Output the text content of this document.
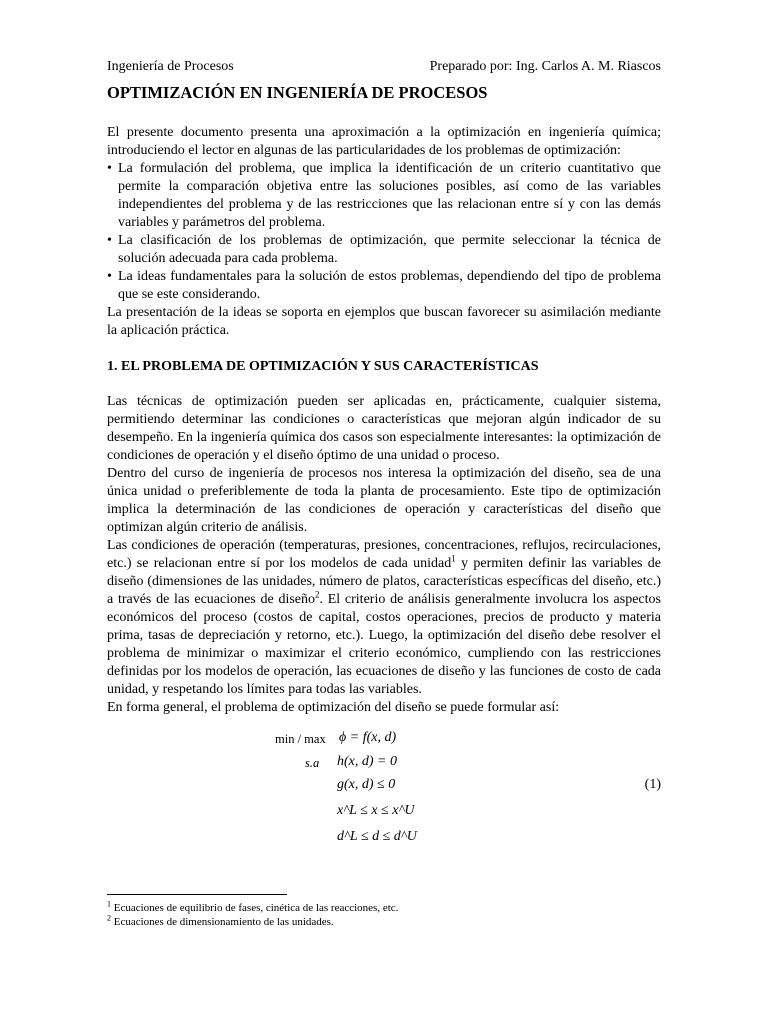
Ingeniería de Procesos	Preparado por: Ing. Carlos A. M. Riascos
OPTIMIZACIÓN EN INGENIERÍA DE PROCESOS

El presente documento presenta una aproximación a la optimización en ingeniería química; introduciendo el lector en algunas de las particularidades de los problemas de optimización:

• La formulación del problema, que implica la identificación de un criterio cuantitativo que permite la comparación objetiva entre las soluciones posibles, así como de las variables independientes del problema y de las restricciones que las relacionan entre sí y con las demás variables y parámetros del problema.
• La clasificación de los problemas de optimización, que permite seleccionar la técnica de solución adecuada para cada problema.
• La ideas fundamentales para la solución de estos problemas, dependiendo del tipo de problema que se este considerando.

La presentación de la ideas se soporta en ejemplos que buscan favorecer su asimilación mediante la aplicación práctica.

1. EL PROBLEMA DE OPTIMIZACIÓN Y SUS CARACTERÍSTICAS

Las técnicas de optimización pueden ser aplicadas en, prácticamente, cualquier sistema, permitiendo determinar las condiciones o características que mejoran algún indicador de su desempeño. En la ingeniería química dos casos son especialmente interesantes: la optimización de condiciones de operación y el diseño óptimo de una unidad o proceso.

Dentro del curso de ingeniería de procesos nos interesa la optimización del diseño, sea de una única unidad o preferiblemente de toda la planta de procesamiento. Este tipo de optimización implica la determinación de las condiciones de operación y características del diseño que optimizan algún criterio de análisis.

Las condiciones de operación (temperaturas, presiones, concentraciones, reflujos, recirculaciones, etc.) se relacionan entre sí por los modelos de cada unidad$^1$ y permiten definir las variables de diseño (dimensiones de las unidades, número de platos, características específicas del diseño, etc.) a través de las ecuaciones de diseño$^2$. El criterio de análisis generalmente involucra los aspectos económicos del proceso (costos de capital, costos operaciones, precios de producto y materia prima, tasas de depreciación y retorno, etc.). Luego, la optimización del diseño debe resolver el problema de minimizar o maximizar el criterio económico, cumpliendo con las restricciones definidas por los modelos de operación, las ecuaciones de diseño y las funciones de costo de cada unidad, y respetando los límites para todas las variables.

En forma general, el problema de optimización del diseño se puede formular así:

min / max ϕ = f(x, d)
s.a h(x, d) = 0
g(x, d) ≤ 0
x^L ≤ x ≤ x^U
d^L ≤ d ≤ d^U
(1)
$^1$ Ecuaciones de equilibrio de fases, cinética de las reacciones, etc.
$^2$ Ecuaciones de dimensionamiento de las unidades.
